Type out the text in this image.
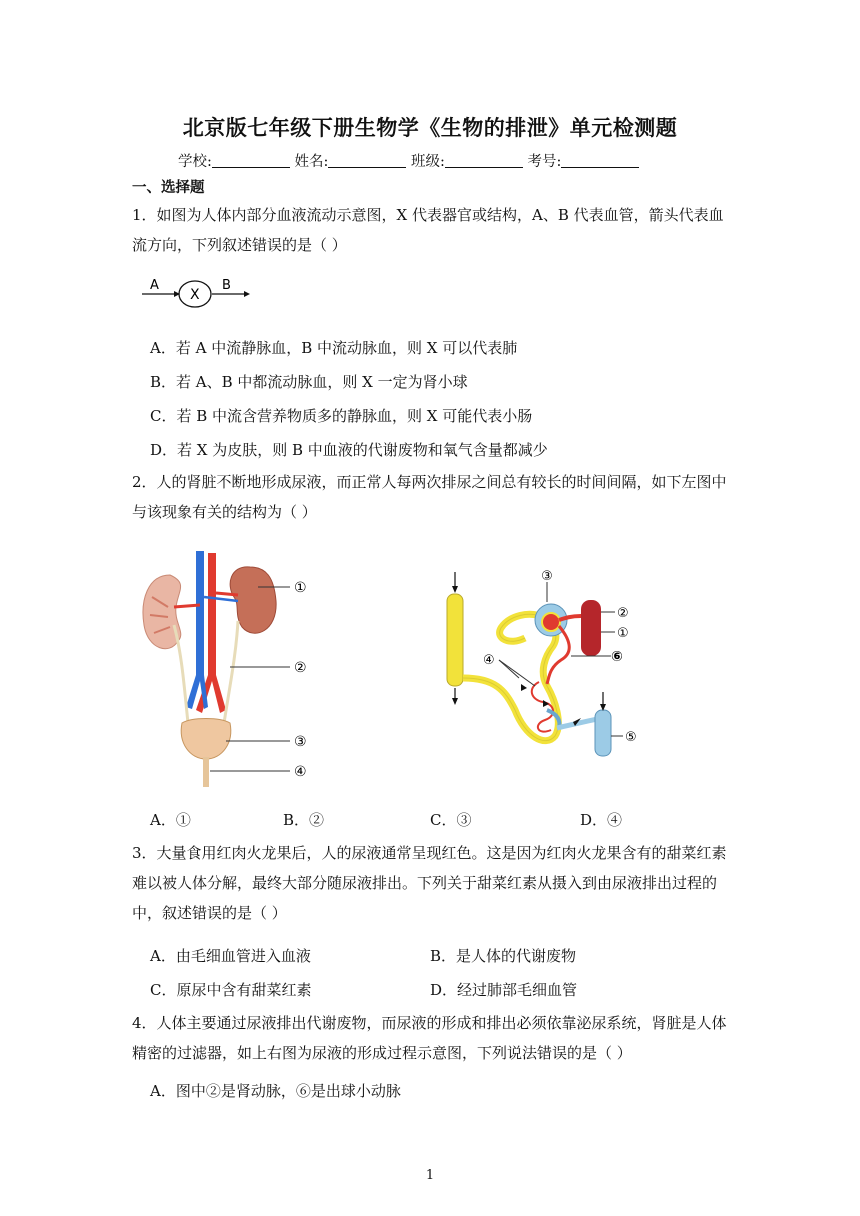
北京版七年级下册生物学《生物的排泄》单元检测题
学校:	姓名:	班级:	考号:
一、选择题
1．如图为人体内部分血液流动示意图，X 代表器官或结构，A、B 代表血管，箭头代表血流方向，下列叙述错误的是（ ）
A
X
B
A．若 A 中流静脉血，B 中流动脉血，则 X 可以代表肺
B．若 A、B 中都流动脉血，则 X 一定为肾小球
C．若 B 中流含营养物质多的静脉血，则 X 可能代表小肠
D．若 X 为皮肤，则 B 中血液的代谢废物和氧气含量都减少
2．人的肾脏不断地形成尿液，而正常人每两次排尿之间总有较长的时间间隔，如下左图中与该现象有关的结构为（ ）
①
②
③
④
③
②
①
⑥
④
⑤
A．①	B．②	C．③	D．④
3．大量食用红肉火龙果后，人的尿液通常呈现红色。这是因为红肉火龙果含有的甜菜红素难以被人体分解，最终大部分随尿液排出。下列关于甜菜红素从摄入到由尿液排出过程的中，叙述错误的是（ ）
A．由毛细血管进入血液	B．是人体的代谢废物
C．原尿中含有甜菜红素	D．经过肺部毛细血管
4．人体主要通过尿液排出代谢废物，而尿液的形成和排出必须依靠泌尿系统，肾脏是人体精密的过滤器，如上右图为尿液的形成过程示意图，下列说法错误的是（ ）
A．图中②是肾动脉，⑥是出球小动脉
1
